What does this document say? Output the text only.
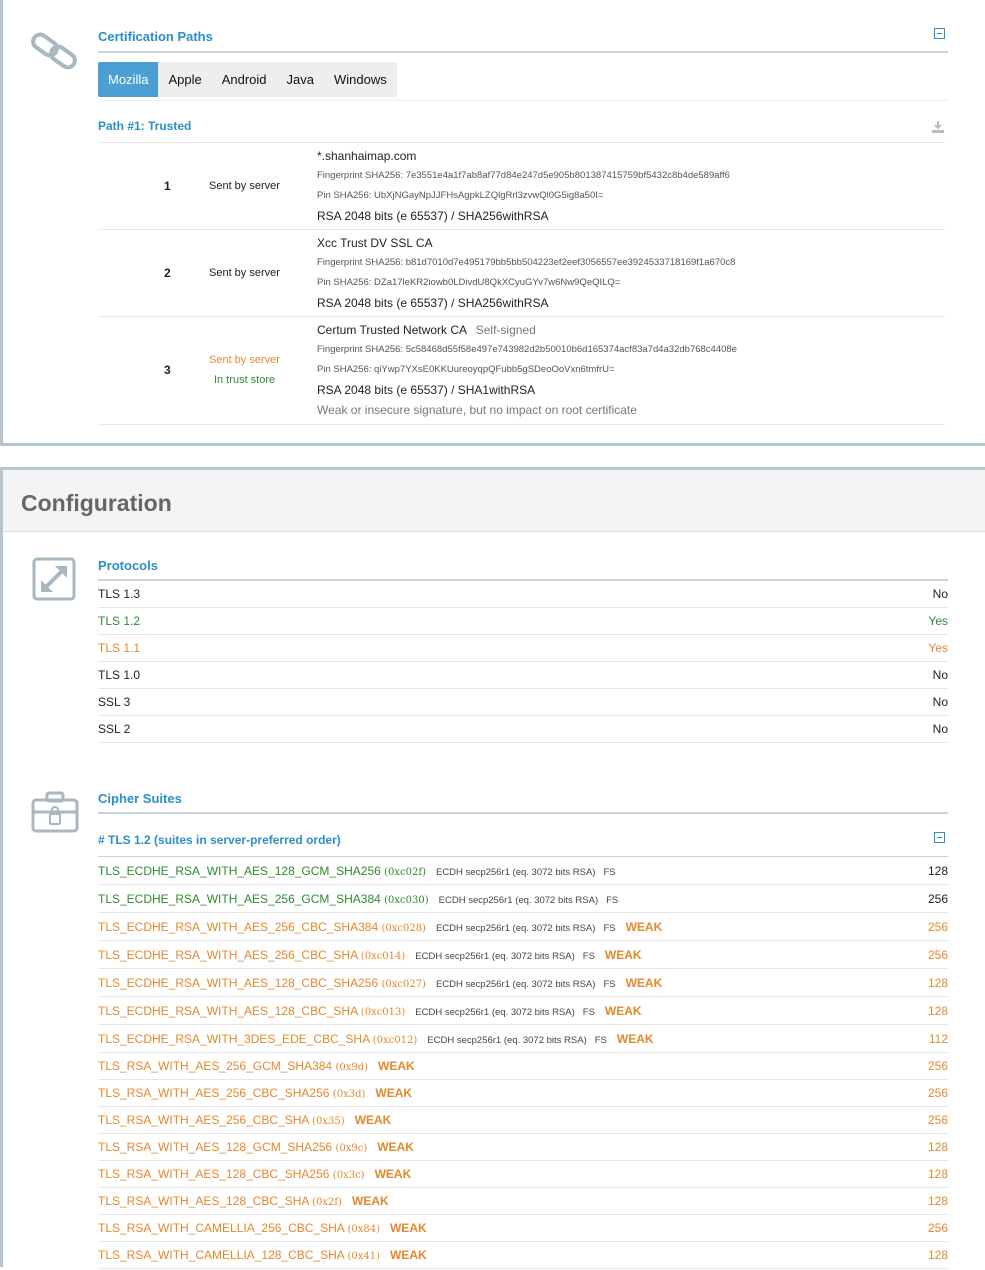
Certification Paths
Mozilla	Apple	Android	Java	Windows
Path #1: Trusted
1	Sent by server
*.shanhaimap.com
Fingerprint SHA256: 7e3551e4a1f7ab8af77d84e247d5e905b801387415759bf5432c8b4de589aff6
Pin SHA256: UbXjNGayNpJJFHsAgpkLZQlgRrl3zvwQl0G5ig8a50I=
RSA 2048 bits (e 65537) / SHA256withRSA
2	Sent by server
Xcc Trust DV SSL CA
Fingerprint SHA256: b81d7010d7e495179bb5bb504223ef2eef3056557ee3924533718169f1a670c8
Pin SHA256: DZa17leKR2iowb0LDivdU8QkXCyuGYv7w6Nw9QeQILQ=
RSA 2048 bits (e 65537) / SHA256withRSA
3
Sent by server
In trust store
Certum Trusted Network CA Self-signed
Fingerprint SHA256: 5c58468d55f58e497e743982d2b50010b6d165374acf83a7d4a32db768c4408e
Pin SHA256: qiYwp7YXsE0KKUureoyqpQFubb5gSDeoOoVxn6tmfrU=
RSA 2048 bits (e 65537) / SHA1withRSA
Weak or insecure signature, but no impact on root certificate
Configuration
Protocols
TLS 1.3	No
TLS 1.2	Yes
TLS 1.1	Yes
TLS 1.0	No
SSL 3	No
SSL 2	No
Cipher Suites
# TLS 1.2 (suites in server-preferred order)
TLS_ECDHE_RSA_WITH_AES_128_GCM_SHA256 (0xc02f) ECDH secp256r1 (eq. 3072 bits RSA) FS	128
TLS_ECDHE_RSA_WITH_AES_256_GCM_SHA384 (0xc030) ECDH secp256r1 (eq. 3072 bits RSA) FS	256
TLS_ECDHE_RSA_WITH_AES_256_CBC_SHA384 (0xc028) ECDH secp256r1 (eq. 3072 bits RSA) FS WEAK	256
TLS_ECDHE_RSA_WITH_AES_256_CBC_SHA (0xc014) ECDH secp256r1 (eq. 3072 bits RSA) FS WEAK	256
TLS_ECDHE_RSA_WITH_AES_128_CBC_SHA256 (0xc027) ECDH secp256r1 (eq. 3072 bits RSA) FS WEAK	128
TLS_ECDHE_RSA_WITH_AES_128_CBC_SHA (0xc013) ECDH secp256r1 (eq. 3072 bits RSA) FS WEAK	128
TLS_ECDHE_RSA_WITH_3DES_EDE_CBC_SHA (0xc012) ECDH secp256r1 (eq. 3072 bits RSA) FS WEAK	112
TLS_RSA_WITH_AES_256_GCM_SHA384 (0x9d) WEAK	256
TLS_RSA_WITH_AES_256_CBC_SHA256 (0x3d) WEAK	256
TLS_RSA_WITH_AES_256_CBC_SHA (0x35) WEAK	256
TLS_RSA_WITH_AES_128_GCM_SHA256 (0x9c) WEAK	128
TLS_RSA_WITH_AES_128_CBC_SHA256 (0x3c) WEAK	128
TLS_RSA_WITH_AES_128_CBC_SHA (0x2f) WEAK	128
TLS_RSA_WITH_CAMELLIA_256_CBC_SHA (0x84) WEAK	256
TLS_RSA_WITH_CAMELLIA_128_CBC_SHA (0x41) WEAK	128
